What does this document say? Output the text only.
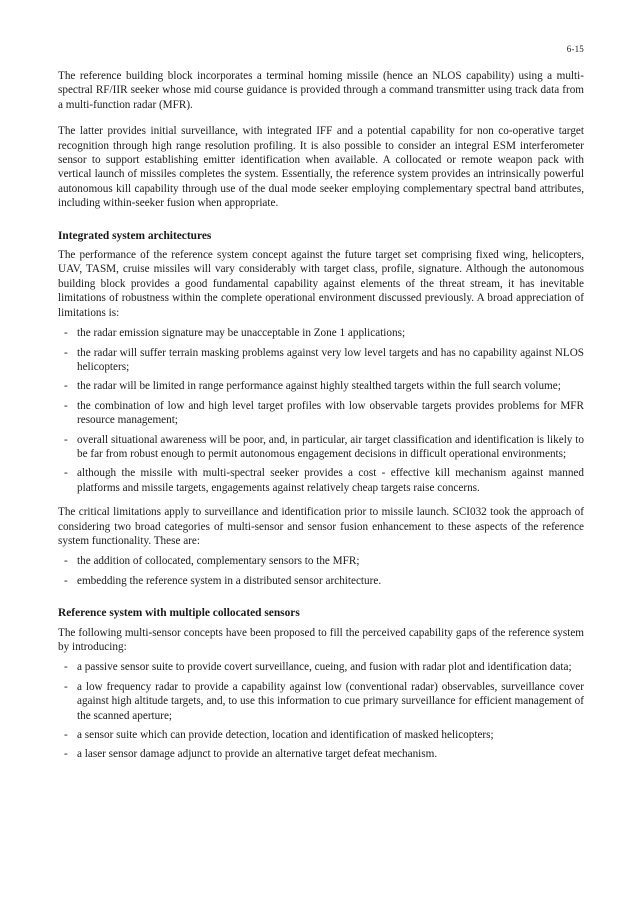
6-15

The reference building block incorporates a terminal homing missile (hence an NLOS capability) using a multi-spectral RF/IIR seeker whose mid course guidance is provided through a command transmitter using track data from a multi-function radar (MFR).

The latter provides initial surveillance, with integrated IFF and a potential capability for non co-operative target recognition through high range resolution profiling. It is also possible to consider an integral ESM interferometer sensor to support establishing emitter identification when available. A collocated or remote weapon pack with vertical launch of missiles completes the system. Essentially, the reference system provides an intrinsically powerful autonomous kill capability through use of the dual mode seeker employing complementary spectral band attributes, including within-seeker fusion when appropriate.

Integrated system architectures

The performance of the reference system concept against the future target set comprising fixed wing, helicopters, UAV, TASM, cruise missiles will vary considerably with target class, profile, signature. Although the autonomous building block provides a good fundamental capability against elements of the threat stream, it has inevitable limitations of robustness within the complete operational environment discussed previously. A broad appreciation of limitations is:

- the radar emission signature may be unacceptable in Zone 1 applications;
- the radar will suffer terrain masking problems against very low level targets and has no capability against NLOS helicopters;
- the radar will be limited in range performance against highly stealthed targets within the full search volume;
- the combination of low and high level target profiles with low observable targets provides problems for MFR resource management;
- overall situational awareness will be poor, and, in particular, air target classification and identification is likely to be far from robust enough to permit autonomous engagement decisions in difficult operational environments;
- although the missile with multi-spectral seeker provides a cost - effective kill mechanism against manned platforms and missile targets, engagements against relatively cheap targets raise concerns.

The critical limitations apply to surveillance and identification prior to missile launch. SCI032 took the approach of considering two broad categories of multi-sensor and sensor fusion enhancement to these aspects of the reference system functionality. These are:

- the addition of collocated, complementary sensors to the MFR;
- embedding the reference system in a distributed sensor architecture.
Reference system with multiple collocated sensors

The following multi-sensor concepts have been proposed to fill the perceived capability gaps of the reference system by introducing:

- a passive sensor suite to provide covert surveillance, cueing, and fusion with radar plot and identification data;
- a low frequency radar to provide a capability against low (conventional radar) observables, surveillance cover against high altitude targets, and, to use this information to cue primary surveillance for efficient management of the scanned aperture;
- a sensor suite which can provide detection, location and identification of masked helicopters;
- a laser sensor damage adjunct to provide an alternative target defeat mechanism.
